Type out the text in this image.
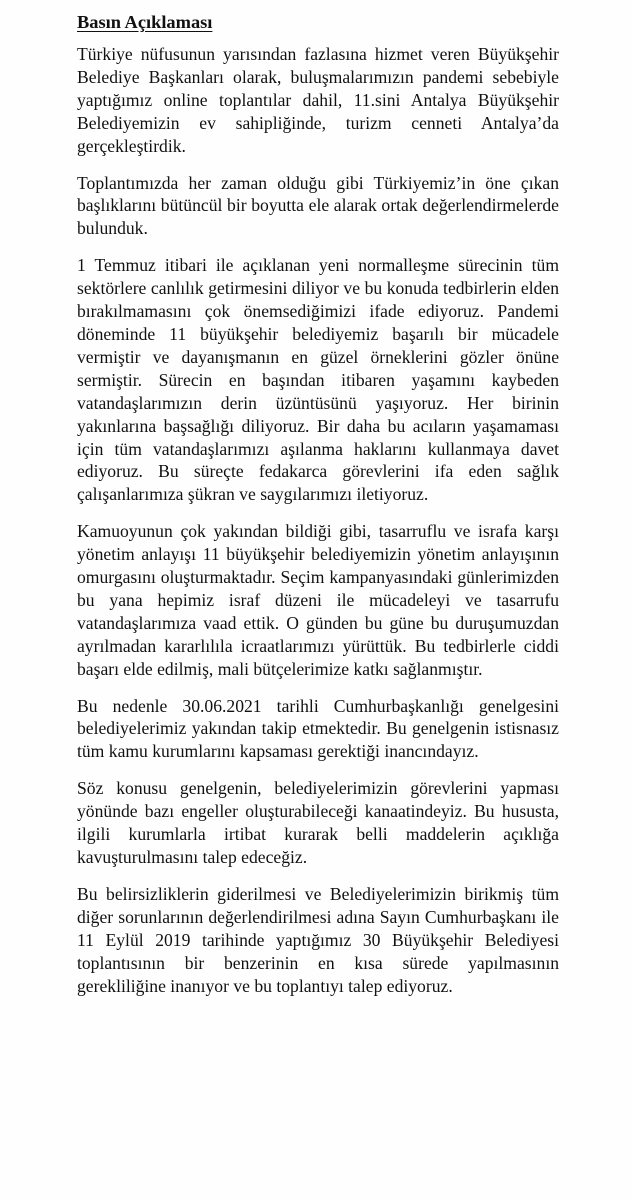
Basın Açıklaması

Türkiye nüfusunun yarısından fazlasına hizmet veren Büyükşehir Belediye Başkanları olarak, buluşmalarımızın pandemi sebebiyle yaptığımız online toplantılar dahil, 11.sini Antalya Büyükşehir Belediyemizin ev sahipliğinde, turizm cenneti Antalya’da gerçekleştirdik.

Toplantımızda her zaman olduğu gibi Türkiyemiz’in öne çıkan başlıklarını bütüncül bir boyutta ele alarak ortak değerlendirmelerde bulunduk.

1 Temmuz itibari ile açıklanan yeni normalleşme sürecinin tüm sektörlere canlılık getirmesini diliyor ve bu konuda tedbirlerin elden bırakılmamasını çok önemsediğimizi ifade ediyoruz. Pandemi döneminde 11 büyükşehir belediyemiz başarılı bir mücadele vermiştir ve dayanışmanın en güzel örneklerini gözler önüne sermiştir. Sürecin en başından itibaren yaşamını kaybeden vatandaşlarımızın derin üzüntüsünü yaşıyoruz. Her birinin yakınlarına başsağlığı diliyoruz. Bir daha bu acıların yaşamaması için tüm vatandaşlarımızı aşılanma haklarını kullanmaya davet ediyoruz. Bu süreçte fedakarca görevlerini ifa eden sağlık çalışanlarımıza şükran ve saygılarımızı iletiyoruz.

Kamuoyunun çok yakından bildiği gibi, tasarruflu ve israfa karşı yönetim anlayışı 11 büyükşehir belediyemizin yönetim anlayışının omurgasını oluşturmaktadır. Seçim kampanyasındaki günlerimizden bu yana hepimiz israf düzeni ile mücadeleyi ve tasarrufu vatandaşlarımıza vaad ettik. O günden bu güne bu duruşumuzdan ayrılmadan kararlılıla icraatlarımızı yürüttük. Bu tedbirlerle ciddi başarı elde edilmiş, mali bütçelerimize katkı sağlanmıştır.

Bu nedenle 30.06.2021 tarihli Cumhurbaşkanlığı genelgesini belediyelerimiz yakından takip etmektedir. Bu genelgenin istisnasız tüm kamu kurumlarını kapsaması gerektiği inancındayız.

Söz konusu genelgenin, belediyelerimizin görevlerini yapması yönünde bazı engeller oluşturabileceği kanaatindeyiz. Bu hususta, ilgili kurumlarla irtibat kurarak belli maddelerin açıklığa kavuşturulmasını talep edeceğiz.

Bu belirsizliklerin giderilmesi ve Belediyelerimizin birikmiş tüm diğer sorunlarının değerlendirilmesi adına Sayın Cumhurbaşkanı ile 11 Eylül 2019 tarihinde yaptığımız 30 Büyükşehir Belediyesi toplantısının bir benzerinin en kısa sürede yapılmasının gerekliliğine inanıyor ve bu toplantıyı talep ediyoruz.
